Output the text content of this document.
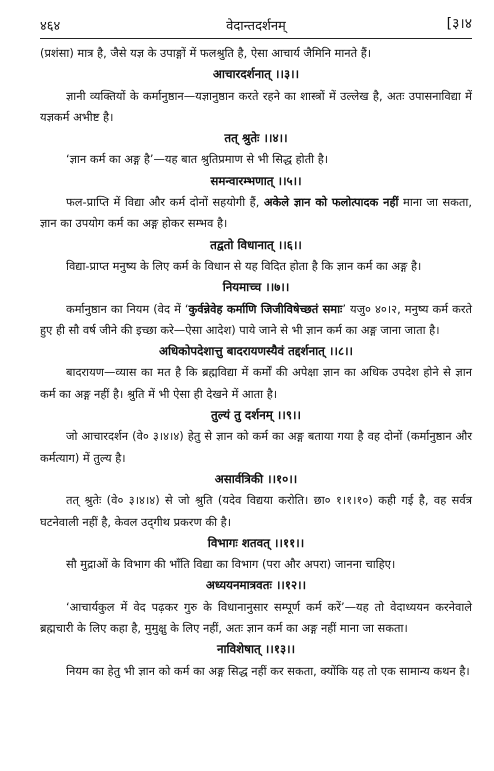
४६४	वेदान्तदर्शनम्	[३।४

(प्रशंसा) मात्र है, जैसे यज्ञ के उपाङ्गों में फलश्रुति है, ऐसा आचार्य जैमिनि मानते हैं।

आचारदर्शनात् ।।३।।

ज्ञानी व्यक्तियों के कर्मानुष्ठान—यज्ञानुष्ठान करते रहने का शास्त्रों में उल्लेख है, अतः उपासनाविद्या में यज्ञकर्म अभीष्ट है।

तत् श्रुतेः ।।४।।

‘ज्ञान कर्म का अङ्ग है’—यह बात श्रुतिप्रमाण से भी सिद्ध होती है।

समन्वारम्भणात् ।।५।।

फल-प्राप्ति में विद्या और कर्म दोनों सहयोगी हैं, अकेले ज्ञान को फलोत्पादक नहीं माना जा सकता, ज्ञान का उपयोग कर्म का अङ्ग होकर सम्भव है।

तद्वतो विधानात् ।।६।।

विद्या-प्राप्त मनुष्य के लिए कर्म के विधान से यह विदित होता है कि ज्ञान कर्म का अङ्ग है।

नियमाच्च ।।७।।

कर्मानुष्ठान का नियम (वेद में ‘कुर्वन्नेवेह कर्माणि जिजीविषेच्छतं समाः’ यजु० ४०।२, मनुष्य कर्म करते हुए ही सौ वर्ष जीने की इच्छा करे—ऐसा आदेश) पाये जाने से भी ज्ञान कर्म का अङ्ग जाना जाता है।

अधिकोपदेशात्तु बादरायणस्यैवं तद्दर्शनात् ।।८।।

बादरायण—व्यास का मत है कि ब्रह्मविद्या में कर्मों की अपेक्षा ज्ञान का अधिक उपदेश होने से ज्ञान कर्म का अङ्ग नहीं है। श्रुति में भी ऐसा ही देखने में आता है।

तुल्यं तु दर्शनम् ।।९।।

जो आचारदर्शन (वे० ३।४।४) हेतु से ज्ञान को कर्म का अङ्ग बताया गया है वह दोनों (कर्मानुष्ठान और कर्मत्याग) में तुल्य है।

असार्वत्रिकी ।।१०।।

तत् श्रुतेः (वे० ३।४।४) से जो श्रुति (यदेव विद्यया करोति। छा० १।१।१०) कही गई है, वह सर्वत्र घटनेवाली नहीं है, केवल उद्‌गीथ प्रकरण की है।

विभागः शतवत् ।।११।।

सौ मुद्राओं के विभाग की भाँति विद्या का विभाग (परा और अपरा) जानना चाहिए।

अध्ययनमात्रवतः ।।१२।।

‘आचार्यकुल में वेद पढ़कर गुरु के विधानानुसार सम्पूर्ण कर्म करें’—यह तो वेदाध्ययन करनेवाले ब्रह्मचारी के लिए कहा है, मुमुक्षु के लिए नहीं, अतः ज्ञान कर्म का अङ्ग नहीं माना जा सकता।

नाविशेषात् ।।१३।।

नियम का हेतु भी ज्ञान को कर्म का अङ्ग सिद्ध नहीं कर सकता, क्योंकि यह तो एक सामान्य कथन है।
